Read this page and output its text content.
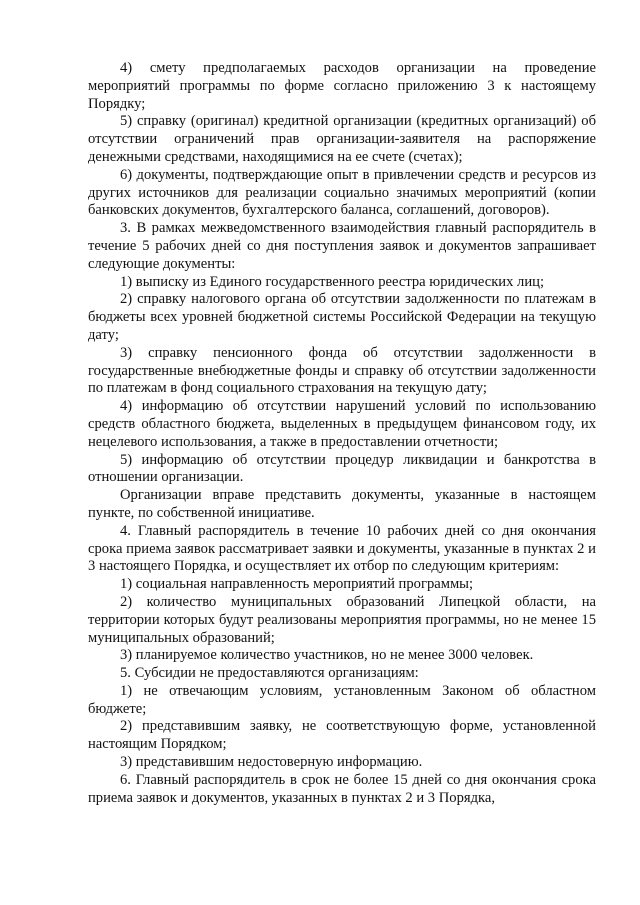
4) смету предполагаемых расходов организации на проведение мероприятий программы по форме согласно приложению 3 к настоящему Порядку;

5) справку (оригинал) кредитной организации (кредитных организаций) об отсутствии ограничений прав организации-заявителя на распоряжение денежными средствами, находящимися на ее счете (счетах);

6) документы, подтверждающие опыт в привлечении средств и ресурсов из других источников для реализации социально значимых мероприятий (копии банковских документов, бухгалтерского баланса, соглашений, договоров).

3. В рамках межведомственного взаимодействия главный распорядитель в течение 5 рабочих дней со дня поступления заявок и документов запрашивает следующие документы:

1) выписку из Единого государственного реестра юридических лиц;

2) справку налогового органа об отсутствии задолженности по платежам в бюджеты всех уровней бюджетной системы Российской Федерации на текущую дату;

3) справку пенсионного фонда об отсутствии задолженности в государственные внебюджетные фонды и справку об отсутствии задолженности по платежам в фонд социального страхования на текущую дату;

4) информацию об отсутствии нарушений условий по использованию средств областного бюджета, выделенных в предыдущем финансовом году, их нецелевого использования, а также в предоставлении отчетности;

5) информацию об отсутствии процедур ликвидации и банкротства в отношении организации.

Организации вправе представить документы, указанные в настоящем пункте, по собственной инициативе.

4. Главный распорядитель в течение 10 рабочих дней со дня окончания срока приема заявок рассматривает заявки и документы, указанные в пунктах 2 и 3 настоящего Порядка, и осуществляет их отбор по следующим критериям:

1) социальная направленность мероприятий программы;

2) количество муниципальных образований Липецкой области, на территории которых будут реализованы мероприятия программы, но не менее 15 муниципальных образований;

3) планируемое количество участников, но не менее 3000 человек.

5. Субсидии не предоставляются организациям:

1) не отвечающим условиям, установленным Законом об областном бюджете;

2) представившим заявку, не соответствующую форме, установленной настоящим Порядком;

3) представившим недостоверную информацию.

6. Главный распорядитель в срок не более 15 дней со дня окончания срока приема заявок и документов, указанных в пунктах 2 и 3 Порядка,
